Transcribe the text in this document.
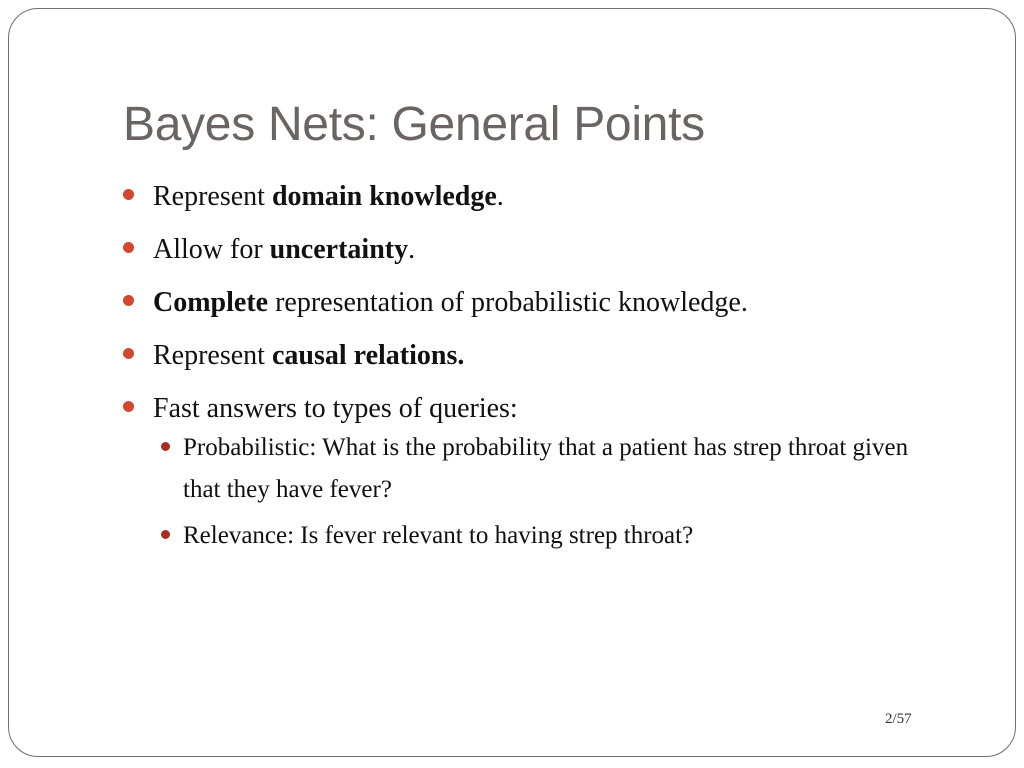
Bayes Nets: General Points
Represent domain knowledge.
Allow for uncertainty.
Complete representation of probabilistic knowledge.
Represent causal relations.
Fast answers to types of queries:
Probabilistic: What is the probability that a patient has strep throat given that they have fever?
Relevance: Is fever relevant to having strep throat?
2/57
